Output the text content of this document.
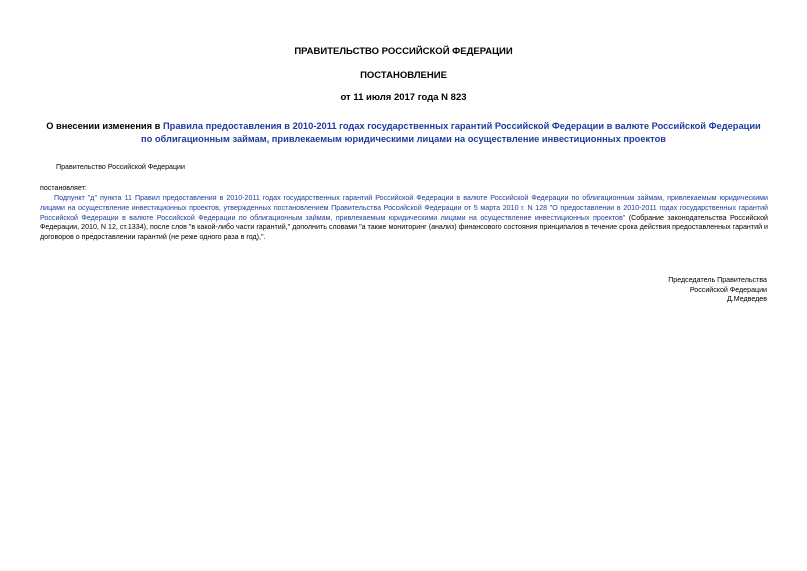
ПРАВИТЕЛЬСТВО РОССИЙСКОЙ ФЕДЕРАЦИИ
ПОСТАНОВЛЕНИЕ
от 11 июля 2017 года N 823
О внесении изменения в Правила предоставления в 2010-2011 годах государственных гарантий Российской Федерации в валюте Российской Федерации по облигационным займам, привлекаемым юридическими лицами на осуществление инвестиционных проектов
Правительство Российской Федерации
постановляет:
Подпункт "д" пункта 11 Правил предоставления в 2010-2011 годах государственных гарантий Российской Федерации в валюте Российской Федерации по облигационным займам, привлекаемым юридическими лицами на осуществление инвестиционных проектов, утвержденных постановлением Правительства Российской Федерации от 5 марта 2010 г. N 128 "О предоставлении в 2010-2011 годах государственных гарантий Российской Федерации в валюте Российской Федерации по облигационным займам, привлекаемым юридическими лицами на осуществление инвестиционных проектов" (Собрание законодательства Российской Федерации, 2010, N 12, ст.1334), после слов "в какой-либо части гарантий," дополнить словами "а также мониторинг (анализ) финансового состояния принципалов в течение срока действия предоставленных гарантий и договоров о предоставлении гарантий (не реже одного раза в год),".
Председатель Правительства
Российской Федерации
Д.Медведев
